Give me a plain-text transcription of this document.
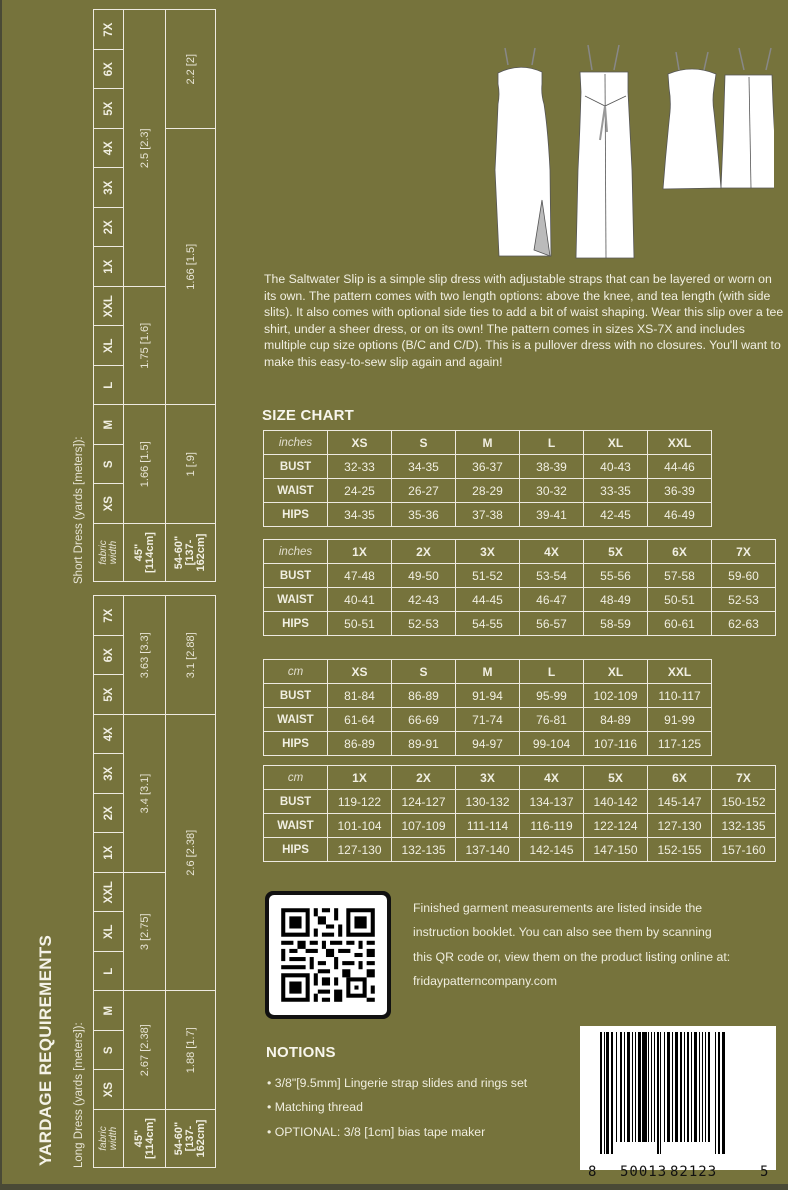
fabric
width	XS	S	M	L	XL	XXL	1X	2X	3X	4X	5X	6X	7X
45"
[114cm]	1.66 [1.5]			1.75 [1.6]			2.5 [2.3]						
54-60"
[137-
162cm]	1 [.9]			1.66 [1.5]							2.2 [2]		
Short Dress (yards [meters]):
fabric
width	XS	S	M	L	XL	XXL	1X	2X	3X	4X	5X	6X	7X
45"
[114cm]	2.67 [2.38]			3 [2.75]			3.4 [3.1]				3.63 [3.3]		
54-60"
[137-
162cm]	1.88 [1.7]			2.6 [2.38]							3.1 [2.88]		
Long Dress (yards [meters]):
YARDAGE REQUIREMENTS
The Saltwater Slip is a simple slip dress with adjustable straps that can be layered or worn on its own. The pattern comes with two length options: above the knee, and tea length (with side slits). It also comes with optional side ties to add a bit of waist shaping. Wear this slip over a tee shirt, under a sheer dress, or on its own! The pattern comes in sizes XS-7X and includes multiple cup size options (B/C and C/D). This is a pullover dress with no closures. You'll want to make this easy-to-sew slip again and again!
SIZE CHART
inches	XS	S	M	L	XL	XXL
BUST	32-33	34-35	36-37	38-39	40-43	44-46
WAIST	24-25	26-27	28-29	30-32	33-35	36-39
HIPS	34-35	35-36	37-38	39-41	42-45	46-49
inches	1X	2X	3X	4X	5X	6X	7X
BUST	47-48	49-50	51-52	53-54	55-56	57-58	59-60
WAIST	40-41	42-43	44-45	46-47	48-49	50-51	52-53
HIPS	50-51	52-53	54-55	56-57	58-59	60-61	62-63
cm	XS	S	M	L	XL	XXL
BUST	81-84	86-89	91-94	95-99	102-109	110-117
WAIST	61-64	66-69	71-74	76-81	84-89	91-99
HIPS	86-89	89-91	94-97	99-104	107-116	117-125
cm	1X	2X	3X	4X	5X	6X	7X
BUST	119-122	124-127	130-132	134-137	140-142	145-147	150-152
WAIST	101-104	107-109	111-114	116-119	122-124	127-130	132-135
HIPS	127-130	132-135	137-140	142-145	147-150	152-155	157-160
Finished garment measurements are listed inside the
instruction booklet. You can also see them by scanning
this QR code or, view them on the product listing online at:
fridaypatterncompany.com
NOTIONS
• 3/8"[9.5mm] Lingerie strap slides and rings set
• Matching thread
• OPTIONAL: 3/8 [1cm] bias tape maker
8 50013 82123	5
